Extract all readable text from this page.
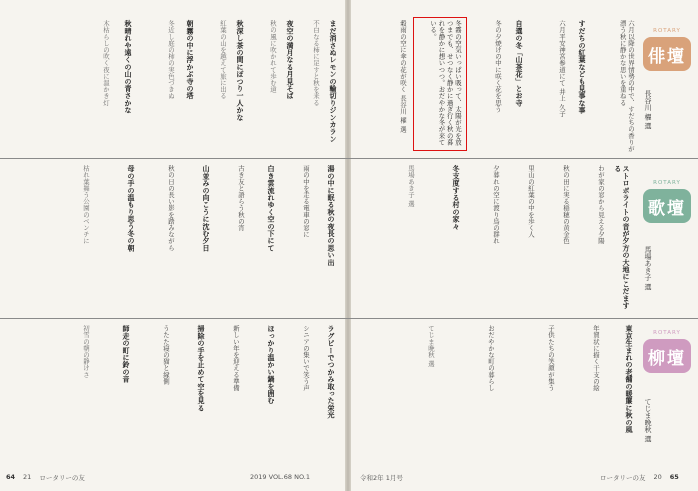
ROTARY
俳壇
長谷川 櫂 選
ROTARY
歌壇
馬場あき子 選
ROTARY
柳壇
てじま晩秋 選
六月以降の世界情勢の中で、すだちの香りが漂う秋に静かな思いを重ねる
すだちの紅葉なども見事な事
六月平安神宮参道にて 井上 久子
自選の冬「山茶花」とお寺
冬の夕焼けの中に咲く花を思う
穀雨の空に傘の花が咲く 長谷川 櫂 選	冬霧の空気いっぱい吸って、太陽が光を放つまでも、せつなく静かに過ぎ行く秋の暮れを静かに想いつつ。おだやかな冬が来ている。
まだ消さぬレモンの輪切りジンカラン
不白なる柿に足すと秋を来る
夜空の満月なる月見そば
秋の風に吹かれて歩む道
秋深し茶の間にぽつり一人かな
紅葉の山を越えて旅に出る
朝霧の中に浮かぶ寺の塔
冬近し庭の柿の実色づきぬ
秋晴れや遠くの山の青さかな
木枯らしの吹く夜に温かき灯
ストロボライトの音が夕方の大地にこだまする
わが家の窓から見える夕陽
秋の田に実る稲穂の黄金色
里山の紅葉の中を歩く人
夕暮れの空に渡り鳥の群れ
冬支度する村の家々
馬場あき子 選
湯の中に眠る秋の夜長の思い出
雨の中を走る電車の窓に
白き雲流れゆく空の下にて
古き友と語らう秋の宵
山並みの向こうに沈む夕日
秋の日の長い影を踏みながら
母の手の温もり思う冬の朝
枯れ葉舞う公園のベンチに
東京生まれの老舗の暖簾に秋の風
年賀状に描く干支の絵
子供たちの笑顔が集う
おだやかな町の暮らし
てじま晩秋 選
ラグビーでつかみ取った栄光
シニアの集いで笑う声
ほっかり温かい鍋を囲む
新しい年を迎える準備
掃除の手を止めて空を見る
うたた寝の猫と縁側
師走の町に鈴の音
初雪の朝の静けさ
64 21 ロータリーの友	2019 VOL.68 NO.1	令和2年 1月号	ロータリーの友 20 65
